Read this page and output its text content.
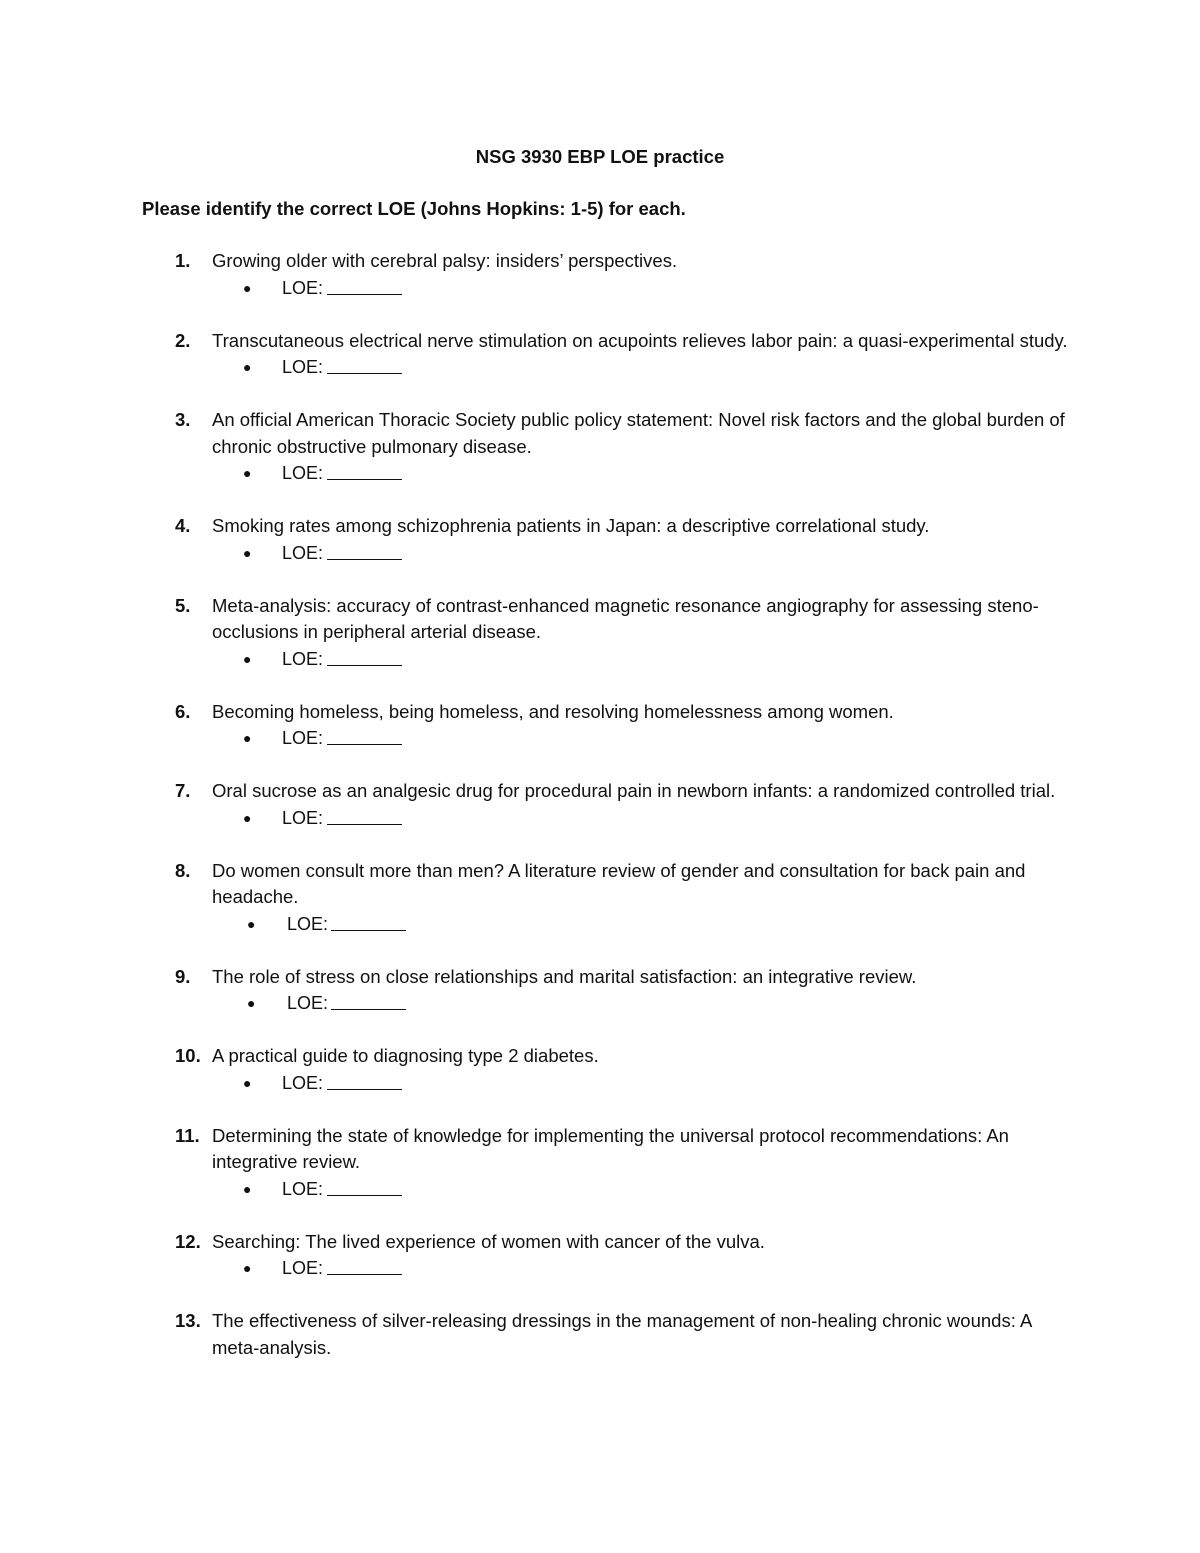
NSG 3930 EBP LOE practice
Please identify the correct LOE (Johns Hopkins: 1-5) for each.
1. Growing older with cerebral palsy: insiders’ perspectives.
● LOE:
2. Transcutaneous electrical nerve stimulation on acupoints relieves labor pain: a quasi-experimental study.
● LOE:
3. An official American Thoracic Society public policy statement: Novel risk factors and the global burden of chronic obstructive pulmonary disease.
● LOE:
4. Smoking rates among schizophrenia patients in Japan: a descriptive correlational study.
● LOE:
5. Meta-analysis: accuracy of contrast-enhanced magnetic resonance angiography for assessing steno-occlusions in peripheral arterial disease.
● LOE:
6. Becoming homeless, being homeless, and resolving homelessness among women.
● LOE:
7. Oral sucrose as an analgesic drug for procedural pain in newborn infants: a randomized controlled trial.
● LOE:
8. Do women consult more than men? A literature review of gender and consultation for back pain and headache.
● LOE:
9. The role of stress on close relationships and marital satisfaction: an integrative review.
● LOE:
10. A practical guide to diagnosing type 2 diabetes.
● LOE:
11. Determining the state of knowledge for implementing the universal protocol recommendations: An integrative review.
● LOE:
12. Searching: The lived experience of women with cancer of the vulva.
● LOE:
13. The effectiveness of silver-releasing dressings in the management of non-healing chronic wounds: A meta-analysis.
